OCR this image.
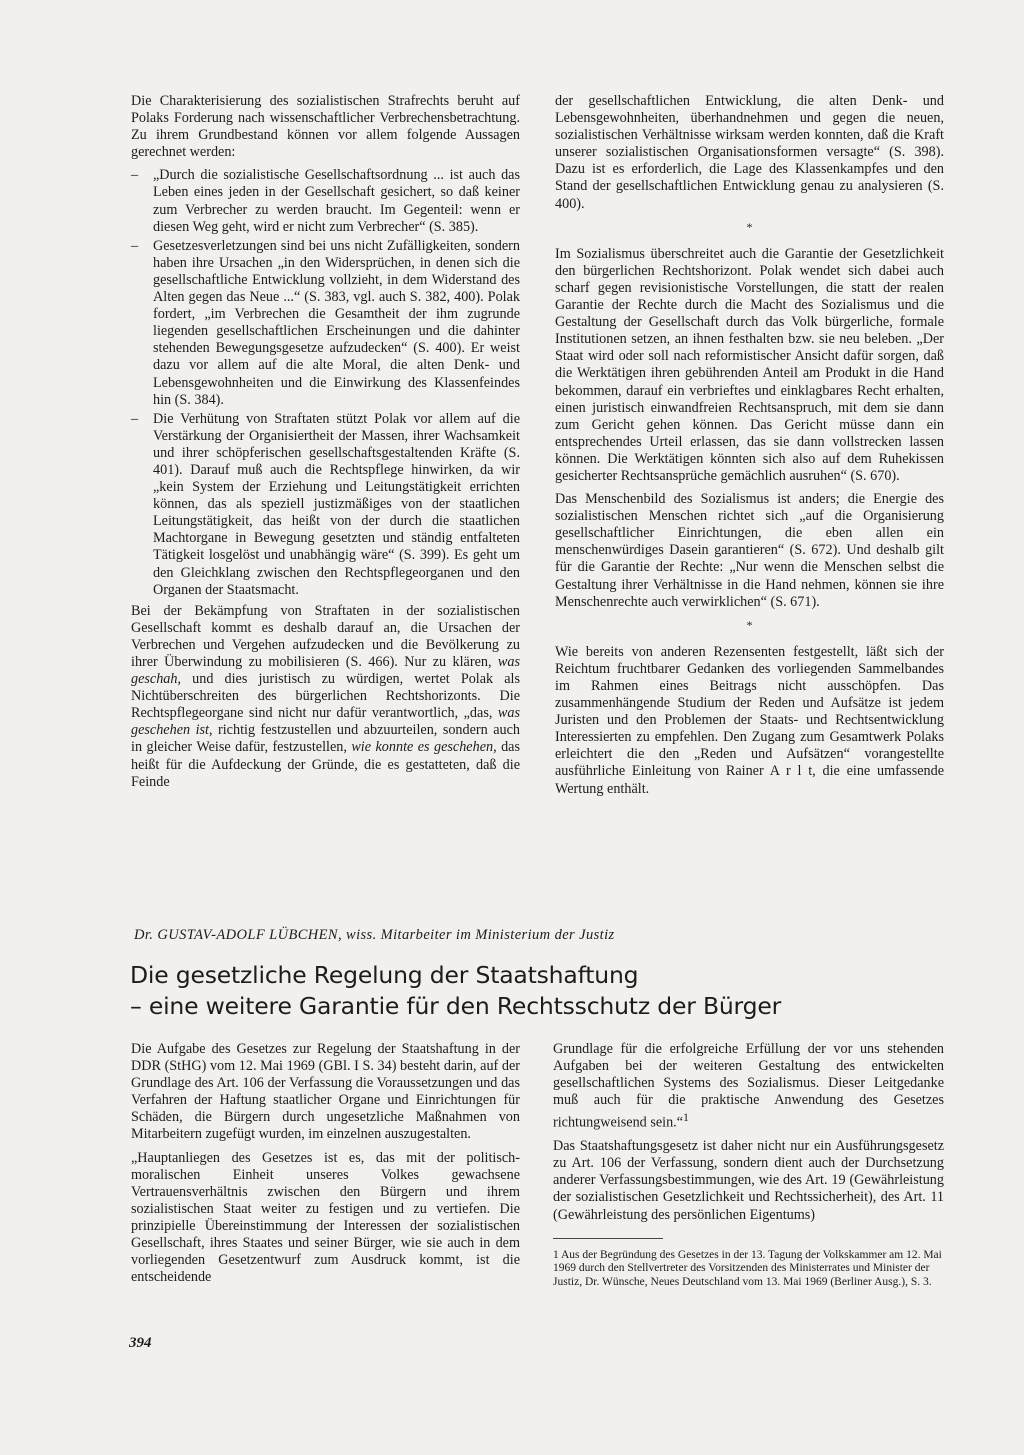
Die Charakterisierung des sozialistischen Strafrechts beruht auf Polaks Forderung nach wissenschaftlicher Verbrechensbetrachtung. Zu ihrem Grundbestand können vor allem folgende Aussagen gerechnet werden:

– „Durch die sozialistische Gesellschaftsordnung ... ist auch das Leben eines jeden in der Gesellschaft gesichert, so daß keiner zum Verbrecher zu werden braucht. Im Gegenteil: wenn er diesen Weg geht, wird er nicht zum Verbrecher“ (S. 385).
– Gesetzesverletzungen sind bei uns nicht Zufälligkeiten, sondern haben ihre Ursachen „in den Widersprüchen, in denen sich die gesellschaftliche Entwicklung vollzieht, in dem Widerstand des Alten gegen das Neue ...“ (S. 383, vgl. auch S. 382, 400). Polak fordert, „im Verbrechen die Gesamtheit der ihm zugrunde liegenden gesellschaftlichen Erscheinungen und die dahinter stehenden Bewegungsgesetze aufzudecken“ (S. 400). Er weist dazu vor allem auf die alte Moral, die alten Denk- und Lebensgewohnheiten und die Einwirkung des Klassenfeindes hin (S. 384).
– Die Verhütung von Straftaten stützt Polak vor allem auf die Verstärkung der Organisiertheit der Massen, ihrer Wachsamkeit und ihrer schöpferischen gesellschaftsgestaltenden Kräfte (S. 401). Darauf muß auch die Rechtspflege hinwirken, da wir „kein System der Erziehung und Leitungstätigkeit errichten können, das als speziell justizmäßiges von der staatlichen Leitungstätigkeit, das heißt von der durch die staatlichen Machtorgane in Bewegung gesetzten und ständig entfalteten Tätigkeit losgelöst und unabhängig wäre“ (S. 399). Es geht um den Gleichklang zwischen den Rechtspflegeorganen und den Organen der Staatsmacht.

Bei der Bekämpfung von Straftaten in der sozialistischen Gesellschaft kommt es deshalb darauf an, die Ursachen der Verbrechen und Vergehen aufzudecken und die Bevölkerung zu ihrer Überwindung zu mobilisieren (S. 466). Nur zu klären, was geschah, und dies juristisch zu würdigen, wertet Polak als Nichtüberschreiten des bürgerlichen Rechtshorizonts. Die Rechtspflegeorgane sind nicht nur dafür verantwortlich, „das, was geschehen ist, richtig festzustellen und abzuurteilen, sondern auch in gleicher Weise dafür, festzustellen, wie konnte es geschehen, das heißt für die Aufdeckung der Gründe, die es gestatteten, daß die Feinde

der gesellschaftlichen Entwicklung, die alten Denk- und Lebensgewohnheiten, überhandnehmen und gegen die neuen, sozialistischen Verhältnisse wirksam werden konnten, daß die Kraft unserer sozialistischen Organisationsformen versagte“ (S. 398). Dazu ist es erforderlich, die Lage des Klassenkampfes und den Stand der gesellschaftlichen Entwicklung genau zu analysieren (S. 400).

*

Im Sozialismus überschreitet auch die Garantie der Gesetzlichkeit den bürgerlichen Rechtshorizont. Polak wendet sich dabei auch scharf gegen revisionistische Vorstellungen, die statt der realen Garantie der Rechte durch die Macht des Sozialismus und die Gestaltung der Gesellschaft durch das Volk bürgerliche, formale Institutionen setzen, an ihnen festhalten bzw. sie neu beleben. „Der Staat wird oder soll nach reformistischer Ansicht dafür sorgen, daß die Werktätigen ihren gebührenden Anteil am Produkt in die Hand bekommen, darauf ein verbrieftes und einklagbares Recht erhalten, einen juristisch einwandfreien Rechtsanspruch, mit dem sie dann zum Gericht gehen können. Das Gericht müsse dann ein entsprechendes Urteil erlassen, das sie dann vollstrecken lassen können. Die Werktätigen könnten sich also auf dem Ruhekissen gesicherter Rechtsansprüche gemächlich ausruhen“ (S. 670).

Das Menschenbild des Sozialismus ist anders; die Energie des sozialistischen Menschen richtet sich „auf die Organisierung gesellschaftlicher Einrichtungen, die eben allen ein menschenwürdiges Dasein garantieren“ (S. 672). Und deshalb gilt für die Garantie der Rechte: „Nur wenn die Menschen selbst die Gestaltung ihrer Verhältnisse in die Hand nehmen, können sie ihre Menschenrechte auch verwirklichen“ (S. 671).

*

Wie bereits von anderen Rezensenten festgestellt, läßt sich der Reichtum fruchtbarer Gedanken des vorliegenden Sammelbandes im Rahmen eines Beitrags nicht ausschöpfen. Das zusammenhängende Studium der Reden und Aufsätze ist jedem Juristen und den Problemen der Staats- und Rechtsentwicklung Interessierten zu empfehlen. Den Zugang zum Gesamtwerk Polaks erleichtert die den „Reden und Aufsätzen“ vorangestellte ausführliche Einleitung von Rainer A r l t, die eine umfassende Wertung enthält.

Dr. GUSTAV-ADOLF LÜBCHEN, wiss. Mitarbeiter im Ministerium der Justiz
Die gesetzliche Regelung der Staatshaftung
– eine weitere Garantie für den Rechtsschutz der Bürger

Die Aufgabe des Gesetzes zur Regelung der Staatshaftung in der DDR (StHG) vom 12. Mai 1969 (GBl. I S. 34) besteht darin, auf der Grundlage des Art. 106 der Verfassung die Voraussetzungen und das Verfahren der Haftung staatlicher Organe und Einrichtungen für Schäden, die Bürgern durch ungesetzliche Maßnahmen von Mitarbeitern zugefügt wurden, im einzelnen auszugestalten.

„Hauptanliegen des Gesetzes ist es, das mit der politisch-moralischen Einheit unseres Volkes gewachsene Vertrauensverhältnis zwischen den Bürgern und ihrem sozialistischen Staat weiter zu festigen und zu vertiefen. Die prinzipielle Übereinstimmung der Interessen der sozialistischen Gesellschaft, ihres Staates und seiner Bürger, wie sie auch in dem vorliegenden Gesetzentwurf zum Ausdruck kommt, ist die entscheidende

Grundlage für die erfolgreiche Erfüllung der vor uns stehenden Aufgaben bei der weiteren Gestaltung des entwickelten gesellschaftlichen Systems des Sozialismus. Dieser Leitgedanke muß auch für die praktische Anwendung des Gesetzes richtungweisend sein.“$^1$

Das Staatshaftungsgesetz ist daher nicht nur ein Ausführungsgesetz zu Art. 106 der Verfassung, sondern dient auch der Durchsetzung anderer Verfassungsbestimmungen, wie des Art. 19 (Gewährleistung der sozialistischen Gesetzlichkeit und Rechtssicherheit), des Art. 11 (Gewährleistung des persönlichen Eigentums)

1 Aus der Begründung des Gesetzes in der 13. Tagung der Volkskammer am 12. Mai 1969 durch den Stellvertreter des Vorsitzenden des Ministerrates und Minister der Justiz, Dr. Wünsche, Neues Deutschland vom 13. Mai 1969 (Berliner Ausg.), S. 3.

394
